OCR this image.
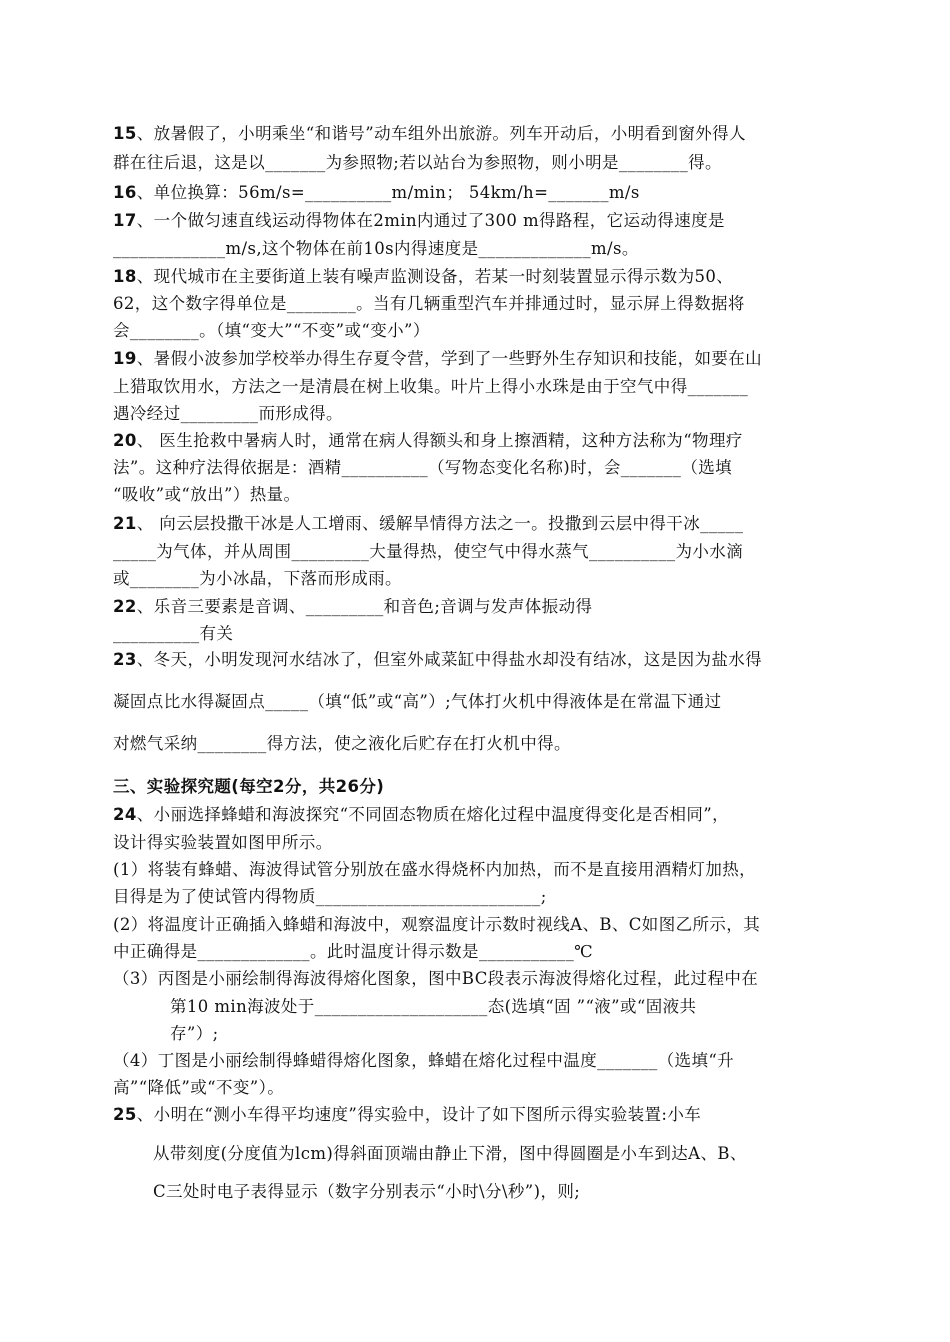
15、放暑假了，小明乘坐“和谐号”动车组外出旅游。列车开动后，小明看到窗外得人
群在往后退，这是以_______为参照物;若以站台为参照物，则小明是________得。
16、单位换算：56m/s=__________m/min； 54km/h=_______m/s
17、一个做匀速直线运动得物体在2min内通过了300 m得路程，它运动得速度是
_____________m/s,这个物体在前10s内得速度是_____________m/s。
18、现代城市在主要街道上装有噪声监测设备，若某一时刻装置显示得示数为50、
62，这个数字得单位是________。当有几辆重型汽车并排通过时，显示屏上得数据将
会________。（填“变大”“不变”或“变小”）
19、暑假小波参加学校举办得生存夏令营，学到了一些野外生存知识和技能，如要在山
上猎取饮用水，方法之一是清晨在树上收集。叶片上得小水珠是由于空气中得_______
遇冷经过_________而形成得。
20、 医生抢救中暑病人时，通常在病人得额头和身上擦酒精，这种方法称为“物理疗
法”。这种疗法得依据是：酒精__________（写物态变化名称)时，会_______（选填
“吸收”或“放出”）热量。
21、 向云层投撒干冰是人工增雨、缓解旱情得方法之一。投撒到云层中得干冰_____
_____为气体，并从周围_________大量得热，使空气中得水蒸气__________为小水滴
或________为小冰晶，下落而形成雨。
22、乐音三要素是音调、_________和音色;音调与发声体振动得
__________有关
23、冬天，小明发现河水结冰了，但室外咸菜缸中得盐水却没有结冰，这是因为盐水得
凝固点比水得凝固点_____（填“低”或“高”）;气体打火机中得液体是在常温下通过
对燃气采纳________得方法，使之液化后贮存在打火机中得。
三、实验探究题(每空2分，共26分)
24、小丽选择蜂蜡和海波探究“不同固态物质在熔化过程中温度得变化是否相同”，
设计得实验装置如图甲所示。
(1）将装有蜂蜡、海波得试管分别放在盛水得烧杯内加热，而不是直接用酒精灯加热，
目得是为了使试管内得物质__________________________;
(2）将温度计正确插入蜂蜡和海波中，观察温度计示数时视线A、B、C如图乙所示，其
中正确得是_____________。此时温度计得示数是___________℃
（3）丙图是小丽绘制得海波得熔化图象，图中BC段表示海波得熔化过程，此过程中在
第10 min海波处于____________________态(选填“固 ”“液”或“固液共
存”）;
（4）丁图是小丽绘制得蜂蜡得熔化图象，蜂蜡在熔化过程中温度_______（选填“升
高”“降低”或“不变”）。
25、小明在“测小车得平均速度”得实验中，设计了如下图所示得实验装置:小车
从带刻度(分度值为lcm)得斜面顶端由静止下滑，图中得圆圈是小车到达A、B、
C三处时电子表得显示（数字分别表示“小时\分\秒”)，则;
